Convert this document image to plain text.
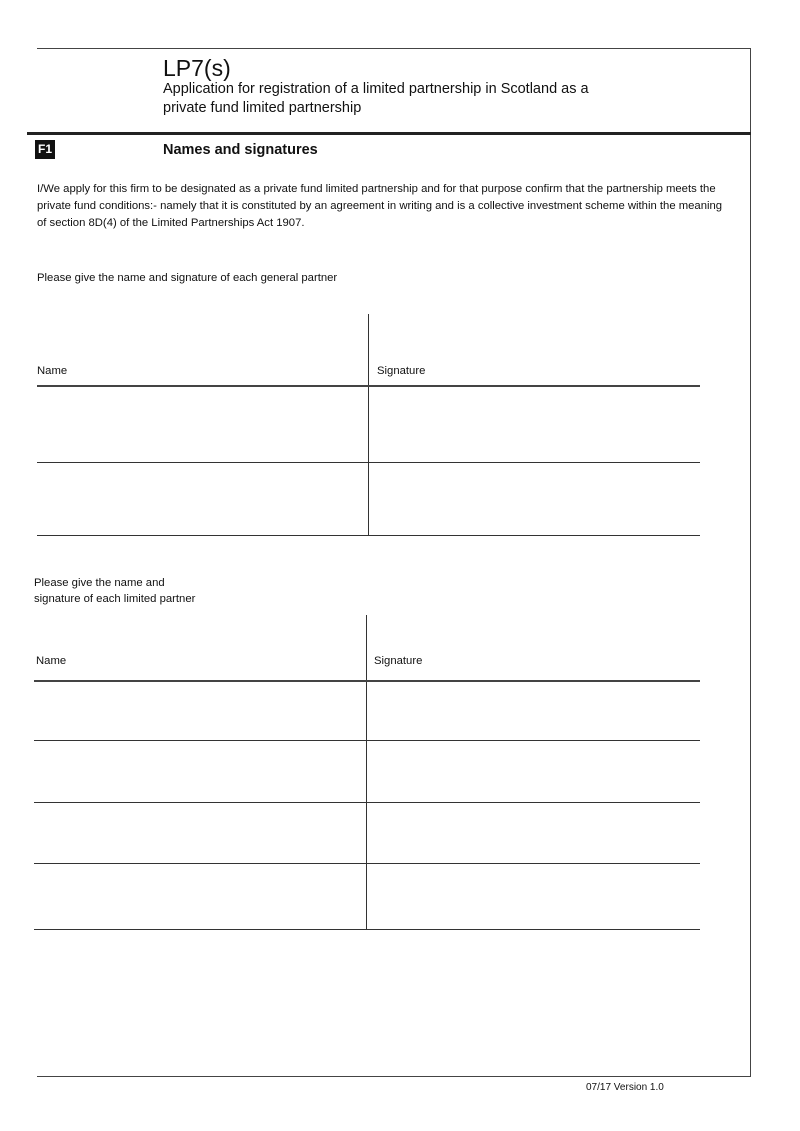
LP7(s)
Application for registration of a limited partnership in Scotland as a private fund limited partnership
F1	Names and signatures
I/We apply for this firm to be designated as a private fund limited partnership and for that purpose confirm that the partnership meets the private fund conditions:- namely that it is constituted by an agreement in writing and is a collective investment scheme within the meaning of section 8D(4) of the Limited Partnerships Act 1907.
Please give the name and signature of each general partner
Name	Signature
Please give the name and
signature of each limited partner
Name	Signature
07/17 Version 1.0
